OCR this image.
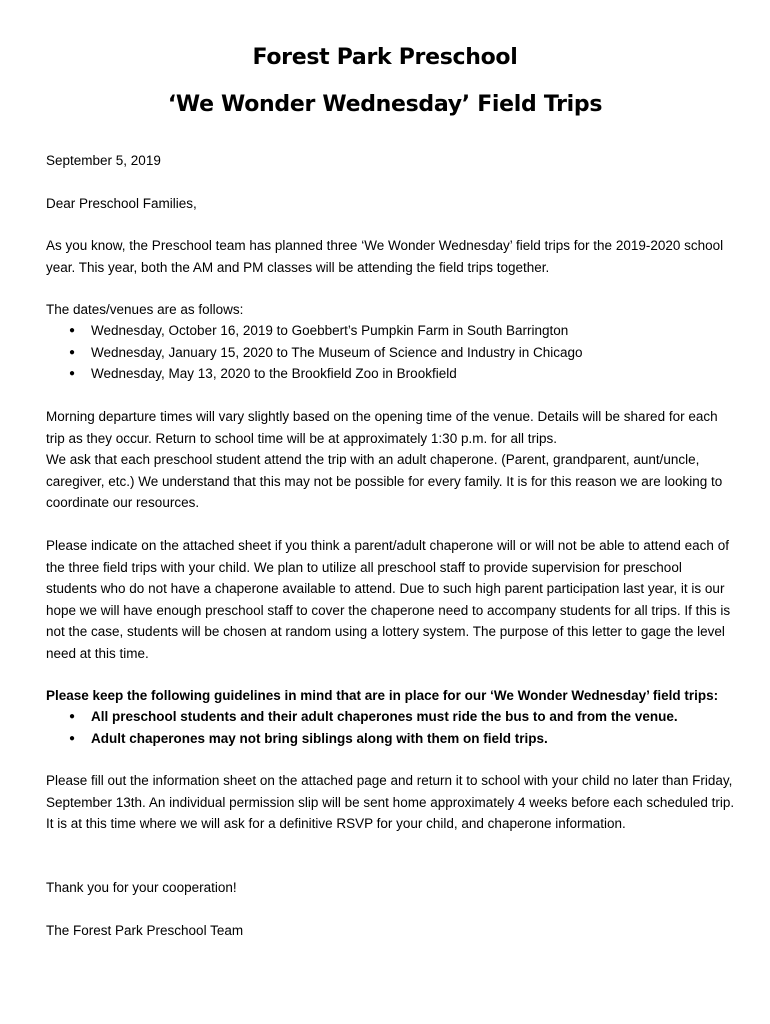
Forest Park Preschool
‘We Wonder Wednesday’ Field Trips

September 5, 2019

Dear Preschool Families,

As you know, the Preschool team has planned three ‘We Wonder Wednesday’ field trips for the 2019-2020 school year. This year, both the AM and PM classes will be attending the field trips together.

The dates/venues are as follows:

● Wednesday, October 16, 2019 to Goebbert’s Pumpkin Farm in South Barrington
● Wednesday, January 15, 2020 to The Museum of Science and Industry in Chicago
● Wednesday, May 13, 2020 to the Brookfield Zoo in Brookfield

Morning departure times will vary slightly based on the opening time of the venue. Details will be shared for each trip as they occur. Return to school time will be at approximately 1:30 p.m. for all trips.

We ask that each preschool student attend the trip with an adult chaperone. (Parent, grandparent, aunt/uncle, caregiver, etc.) We understand that this may not be possible for every family. It is for this reason we are looking to coordinate our resources.

Please indicate on the attached sheet if you think a parent/adult chaperone will or will not be able to attend each of the three field trips with your child. We plan to utilize all preschool staff to provide supervision for preschool students who do not have a chaperone available to attend. Due to such high parent participation last year, it is our hope we will have enough preschool staff to cover the chaperone need to accompany students for all trips. If this is not the case, students will be chosen at random using a lottery system. The purpose of this letter to gage the level need at this time.

Please keep the following guidelines in mind that are in place for our ‘We Wonder Wednesday’ field trips:

● All preschool students and their adult chaperones must ride the bus to and from the venue.
● Adult chaperones may not bring siblings along with them on field trips.

Please fill out the information sheet on the attached page and return it to school with your child no later than Friday, September 13th. An individual permission slip will be sent home approximately 4 weeks before each scheduled trip. It is at this time where we will ask for a definitive RSVP for your child, and chaperone information.

Thank you for your cooperation!

The Forest Park Preschool Team
